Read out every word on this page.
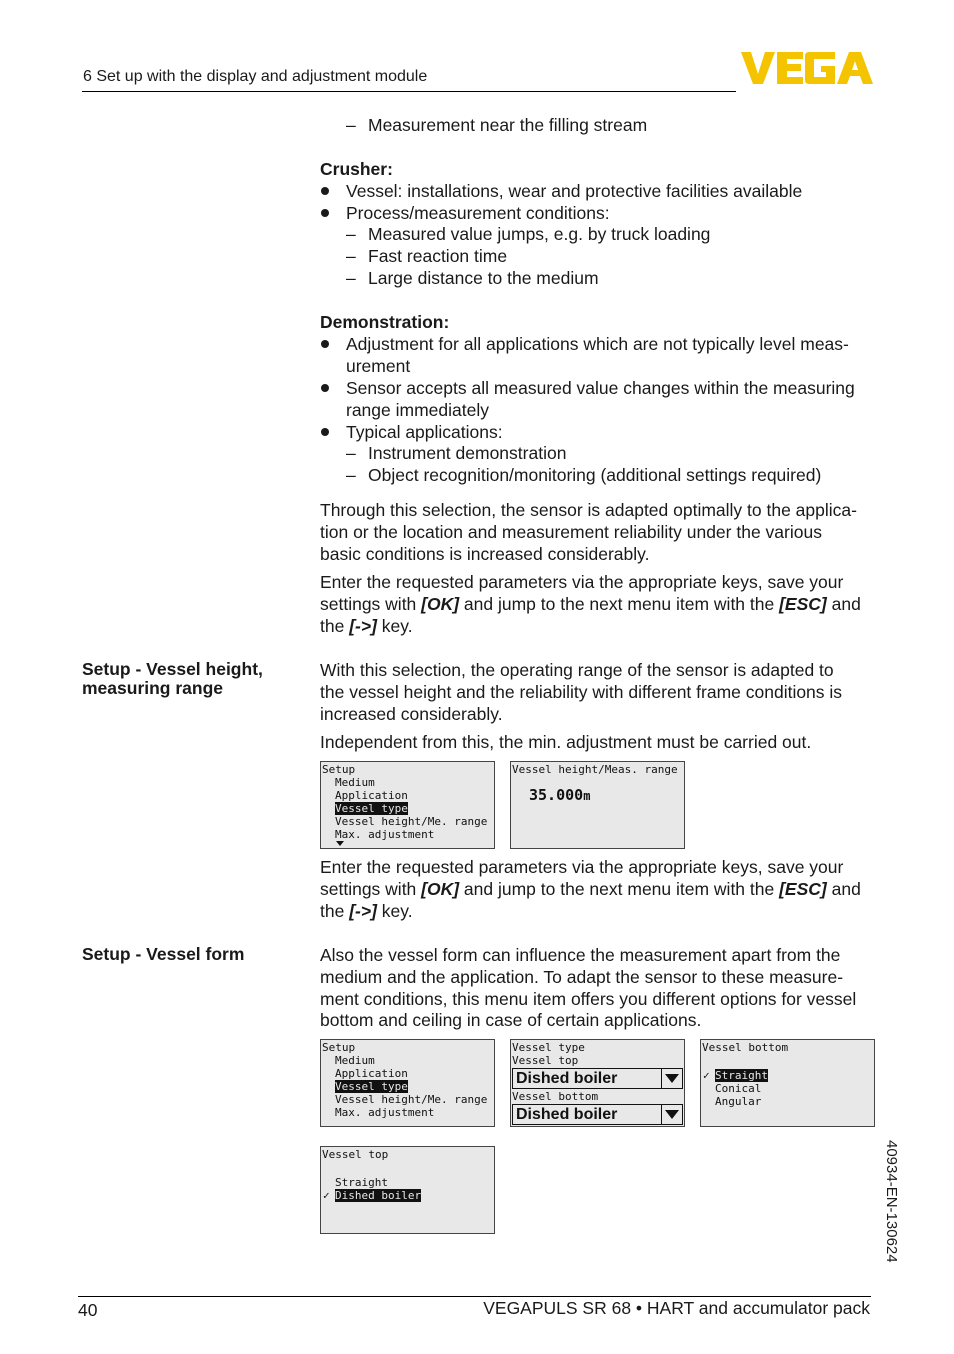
6 Set up with the display and adjustment module
– Measurement near the filling stream
Crusher:
Vessel: installations, wear and protective facilities available
Process/measurement conditions:
– Measured value jumps, e.g. by truck loading
– Fast reaction time
– Large distance to the medium
Demonstration:
Adjustment for all applications which are not typically level meas-
urement
Sensor accepts all measured value changes within the measuring
range immediately
Typical applications:
– Instrument demonstration
– Object recognition/monitoring (additional settings required)
Through this selection, the sensor is adapted optimally to the applica-
tion or the location and measurement reliability under the various
basic conditions is increased considerably.
Enter the requested parameters via the appropriate keys, save your
settings with [OK] and jump to the next menu item with the [ESC] and
the [->] key.
Setup - Vessel height,
measuring range
With this selection, the operating range of the sensor is adapted to
the vessel height and the reliability with different frame conditions is
increased considerably.
Independent from this, the min. adjustment must be carried out.
Setup
Medium
Application
Vessel type
Vessel height/Me. range
Max. adjustment
Vessel height/Meas. range
35.000m
Enter the requested parameters via the appropriate keys, save your
settings with [OK] and jump to the next menu item with the [ESC] and
the [->] key.
Setup - Vessel form	Also the vessel form can influence the measurement apart from the
medium and the application. To adapt the sensor to these measure-
ment conditions, this menu item offers you different options for vessel
bottom and ceiling in case of certain applications.
Setup
Medium
Application
Vessel type
Vessel height/Me. range
Max. adjustment
Vessel type
Vessel top
Dished boiler
Vessel bottom
Dished boiler
Vessel bottom
✓ Straight
Conical
Angular
Vessel top
Straight
✓ Dished boiler	40934-EN-130624
40	VEGAPULS SR 68 • HART and accumulator pack
